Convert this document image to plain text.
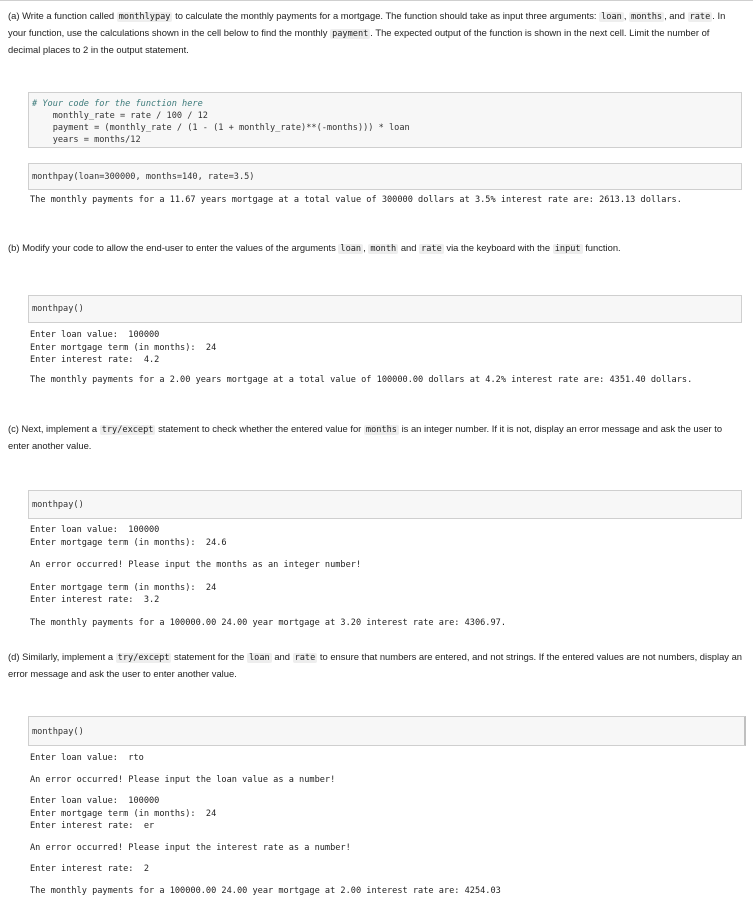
(a) Write a function called monthlypay to calculate the monthly payments for a mortgage. The function should take as input three arguments: loan , months , and rate . In your function, use the calculations shown in the cell below to find the monthly payment . The expected output of the function is shown in the next cell. Limit the number of decimal places to 2 in the output statement.
# Your code for the function here
monthly_rate = rate / 100 / 12
payment = (monthly_rate / (1 - (1 + monthly_rate)**(-months))) * loan
years = months/12
monthpay(loan=300000, months=140, rate=3.5)
The monthly payments for a 11.67 years mortgage at a total value of 300000 dollars at 3.5% interest rate are: 2613.13 dollars.
(b) Modify your code to allow the end-user to enter the values of the arguments loan , month and rate via the keyboard with the input function.
monthpay()
Enter loan value:  100000
Enter mortgage term (in months):  24
Enter interest rate:  4.2
The monthly payments for a 2.00 years mortgage at a total value of 100000.00 dollars at 4.2% interest rate are: 4351.40 dollars.
(c) Next, implement a try/except statement to check whether the entered value for months is an integer number. If it is not, display an error message and ask the user to enter another value.
monthpay()
Enter loan value:  100000
Enter mortgage term (in months):  24.6
An error occurred! Please input the months as an integer number!
Enter mortgage term (in months):  24
Enter interest rate:  3.2
The monthly payments for a 100000.00 24.00 year mortgage at 3.20 interest rate are: 4306.97.
(d) Similarly, implement a try/except statement for the loan and rate to ensure that numbers are entered, and not strings. If the entered values are not numbers, display an error message and ask the user to enter another value.
monthpay()
Enter loan value:  rto
An error occurred! Please input the loan value as a number!
Enter loan value:  100000
Enter mortgage term (in months):  24
Enter interest rate:  er
An error occurred! Please input the interest rate as a number!
Enter interest rate:  2
The monthly payments for a 100000.00 24.00 year mortgage at 2.00 interest rate are: 4254.03
